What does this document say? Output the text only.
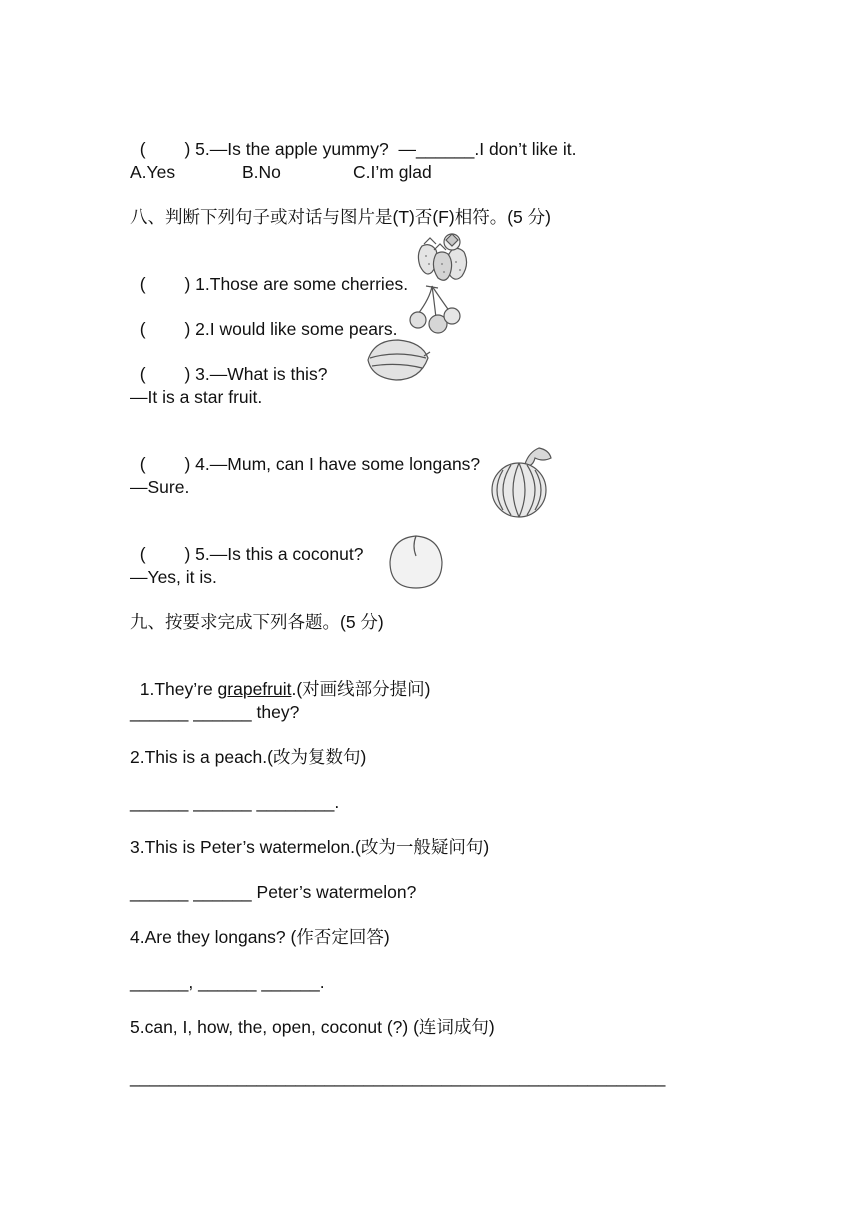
(        ) 5.—Is the apple yummy?  —______.I don’t like it.

A.Yes	B.No	C.I’m glad
八、判断下列句子或对话与图片是(T)否(F)相符。(5 分)

(        ) 1.Those are some cherries.

(        ) 2.I would like some pears.

(        ) 3.—What is this?

—It is a star fruit.

(        ) 4.—Mum, can I have some longans?

—Sure.

(        ) 5.—Is this a coconut?

—Yes, it is.
九、按要求完成下列各题。(5 分)

1.They’re grapefruit.(对画线部分提问)

______ ______ they?
2.This is a peach.(改为复数句)
______ ______ ________.
3.This is Peter’s watermelon.(改为一般疑问句)
______ ______ Peter’s watermelon?
4.Are they longans? (作否定回答)
______, ______ ______.
5.can, I, how, the, open, coconut (?) (连词成句)
_______________________________________________________
